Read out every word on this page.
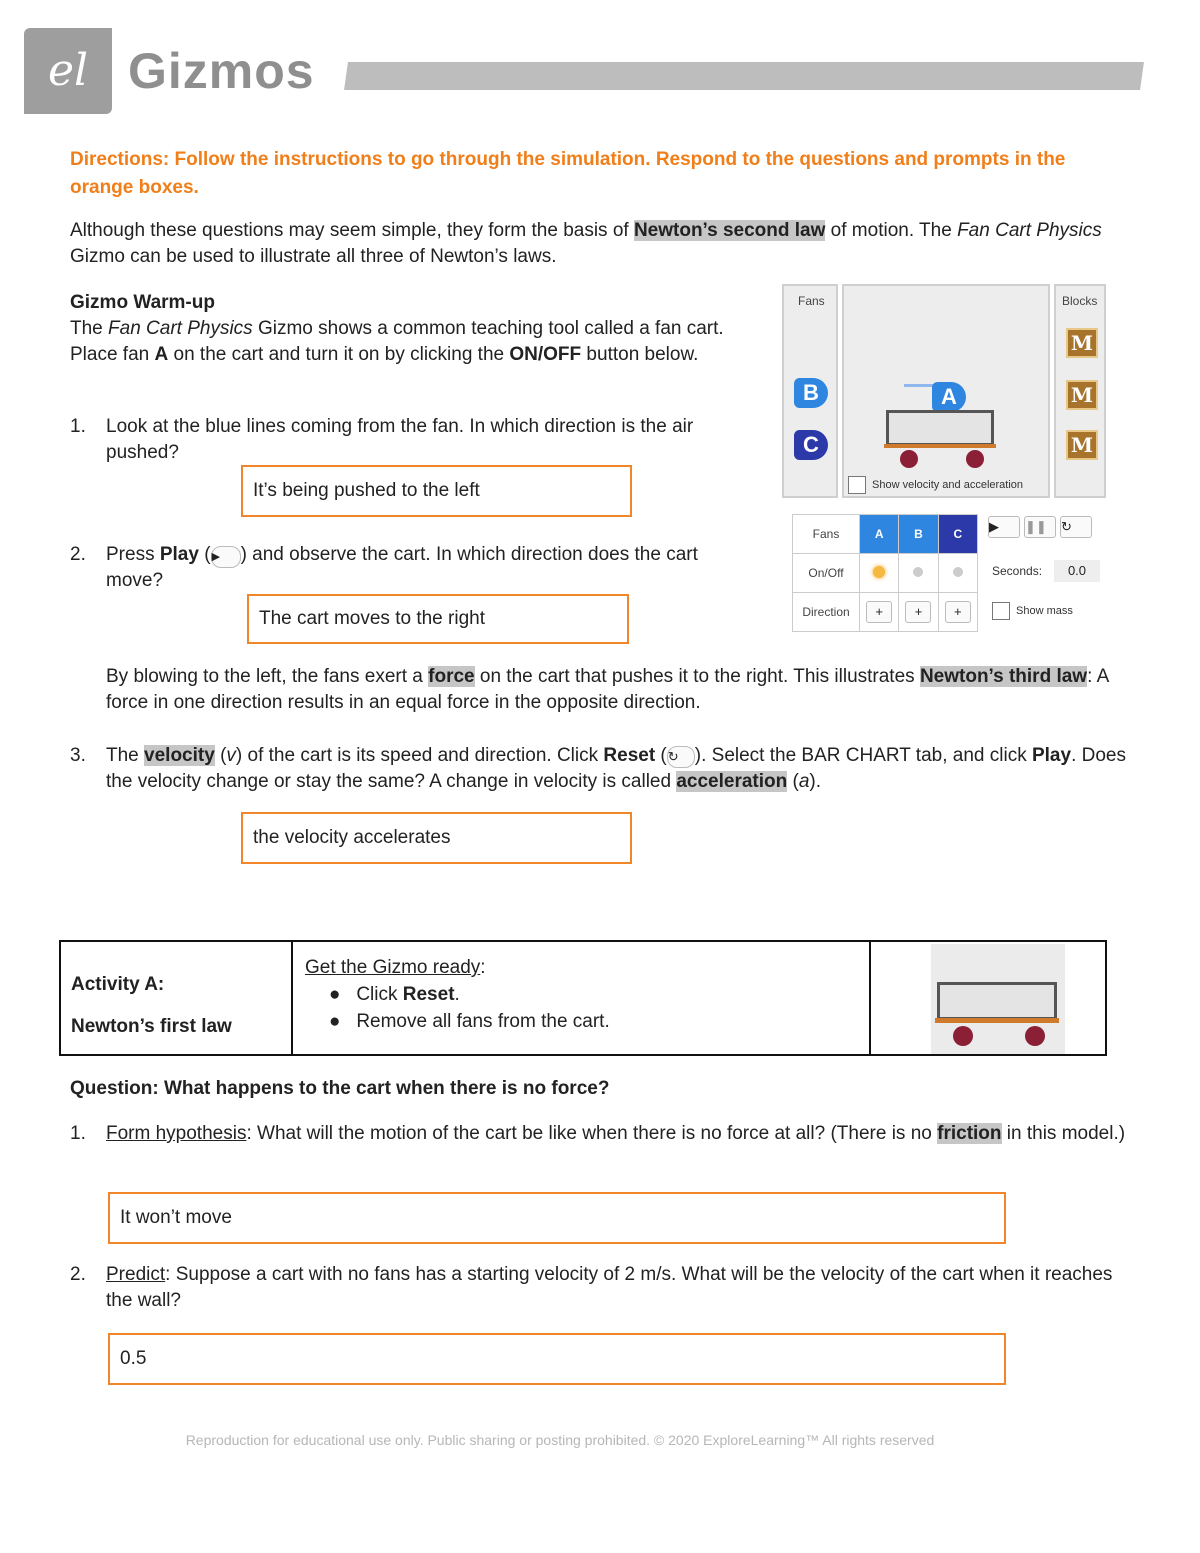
el Gizmos
Directions: Follow the instructions to go through the simulation. Respond to the questions and prompts in the orange boxes.
Although these questions may seem simple, they form the basis of Newton’s second law of motion. The Fan Cart Physics Gizmo can be used to illustrate all three of Newton’s laws.
Gizmo Warm-up
The Fan Cart Physics Gizmo shows a common teaching tool called a fan cart. Place fan A on the cart and turn it on by clicking the ON/OFF button below.
1. Look at the blue lines coming from the fan. In which direction is the air pushed?
It’s being pushed to the left
2. Press Play (▶ ) and observe the cart. In which direction does the cart move?
The cart moves to the right
By blowing to the left, the fans exert a force on the cart that pushes it to the right. This illustrates Newton’s third law: A force in one direction results in an equal force in the opposite direction.
3. The velocity (v) of the cart is its speed and direction. Click Reset (↻ ). Select the BAR CHART tab, and click Play. Does the velocity change or stay the same? A change in velocity is called acceleration (a).
the velocity accelerates
Fans
B
C
A
Show velocity and acceleration
Blocks
M
M
M
Fans	A	B	C
On/Off			
Direction	+	+	+
▶	❚❚	↻
Seconds:	0.0
Show mass
Activity A:
Newton’s first law

Get the Gizmo ready:
●   Click Reset.
●   Remove all fans from the cart.

Question: What happens to the cart when there is no force?
1. Form hypothesis: What will the motion of the cart be like when there is no force at all? (There is no friction in this model.)
It won’t move
2. Predict: Suppose a cart with no fans has a starting velocity of 2 m/s. What will be the velocity of the cart when it reaches the wall?
0.5
Reproduction for educational use only. Public sharing or posting prohibited. © 2020 ExploreLearning™ All rights reserved
